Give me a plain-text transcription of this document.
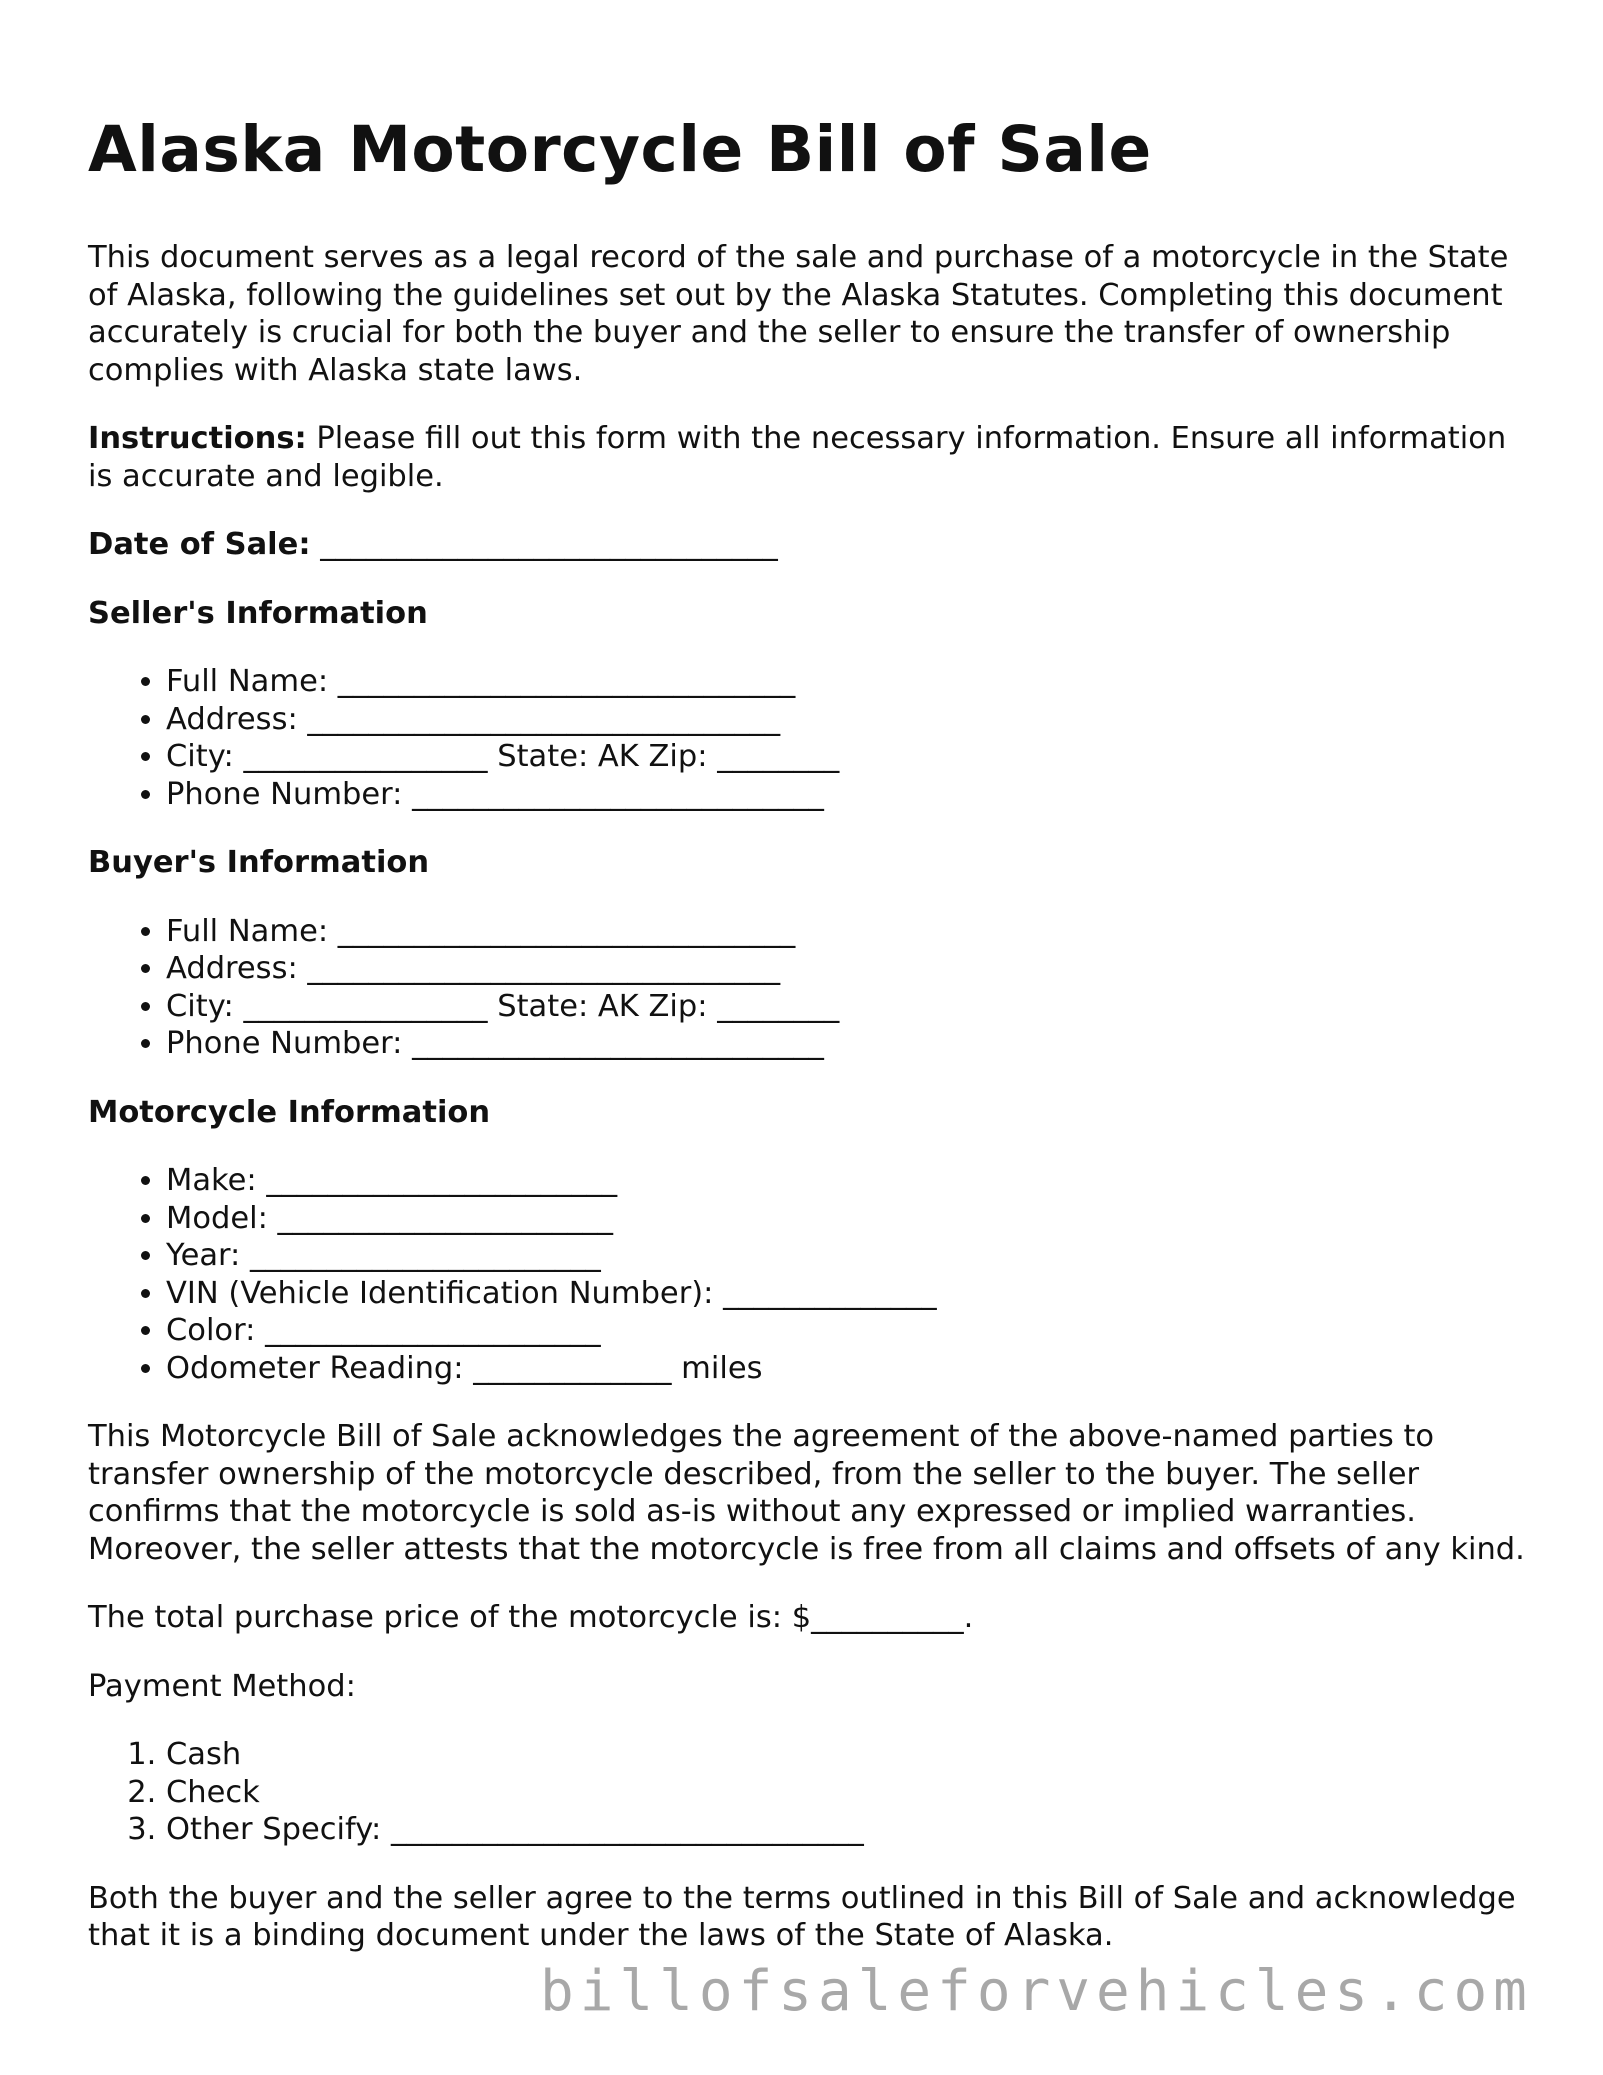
Alaska Motorcycle Bill of Sale

This document serves as a legal record of the sale and purchase of a motorcycle in the State of Alaska, following the guidelines set out by the Alaska Statutes. Completing this document accurately is crucial for both the buyer and the seller to ensure the transfer of ownership complies with Alaska state laws.

Instructions: Please fill out this form with the necessary information. Ensure all information is accurate and legible.

Date of Sale: ______________________________

Seller's Information
• Full Name: ______________________________
• Address: _______________________________
• City: ________________ State: AK Zip: ________
• Phone Number: ___________________________
Buyer's Information
• Full Name: ______________________________
• Address: _______________________________
• City: ________________ State: AK Zip: ________
• Phone Number: ___________________________
Motorcycle Information
• Make: _______________________
• Model: ______________________
• Year: _______________________
• VIN (Vehicle Identification Number): ______________
• Color: ______________________
• Odometer Reading: _____________ miles

This Motorcycle Bill of Sale acknowledges the agreement of the above-named parties to transfer ownership of the motorcycle described, from the seller to the buyer. The seller confirms that the motorcycle is sold as-is without any expressed or implied warranties. Moreover, the seller attests that the motorcycle is free from all claims and offsets of any kind.

The total purchase price of the motorcycle is: $__________.

Payment Method:

1. Cash
2. Check
3. Other Specify: _______________________________

Both the buyer and the seller agree to the terms outlined in this Bill of Sale and acknowledge that it is a binding document under the laws of the State of Alaska.

billofsaleforvehicles.com
